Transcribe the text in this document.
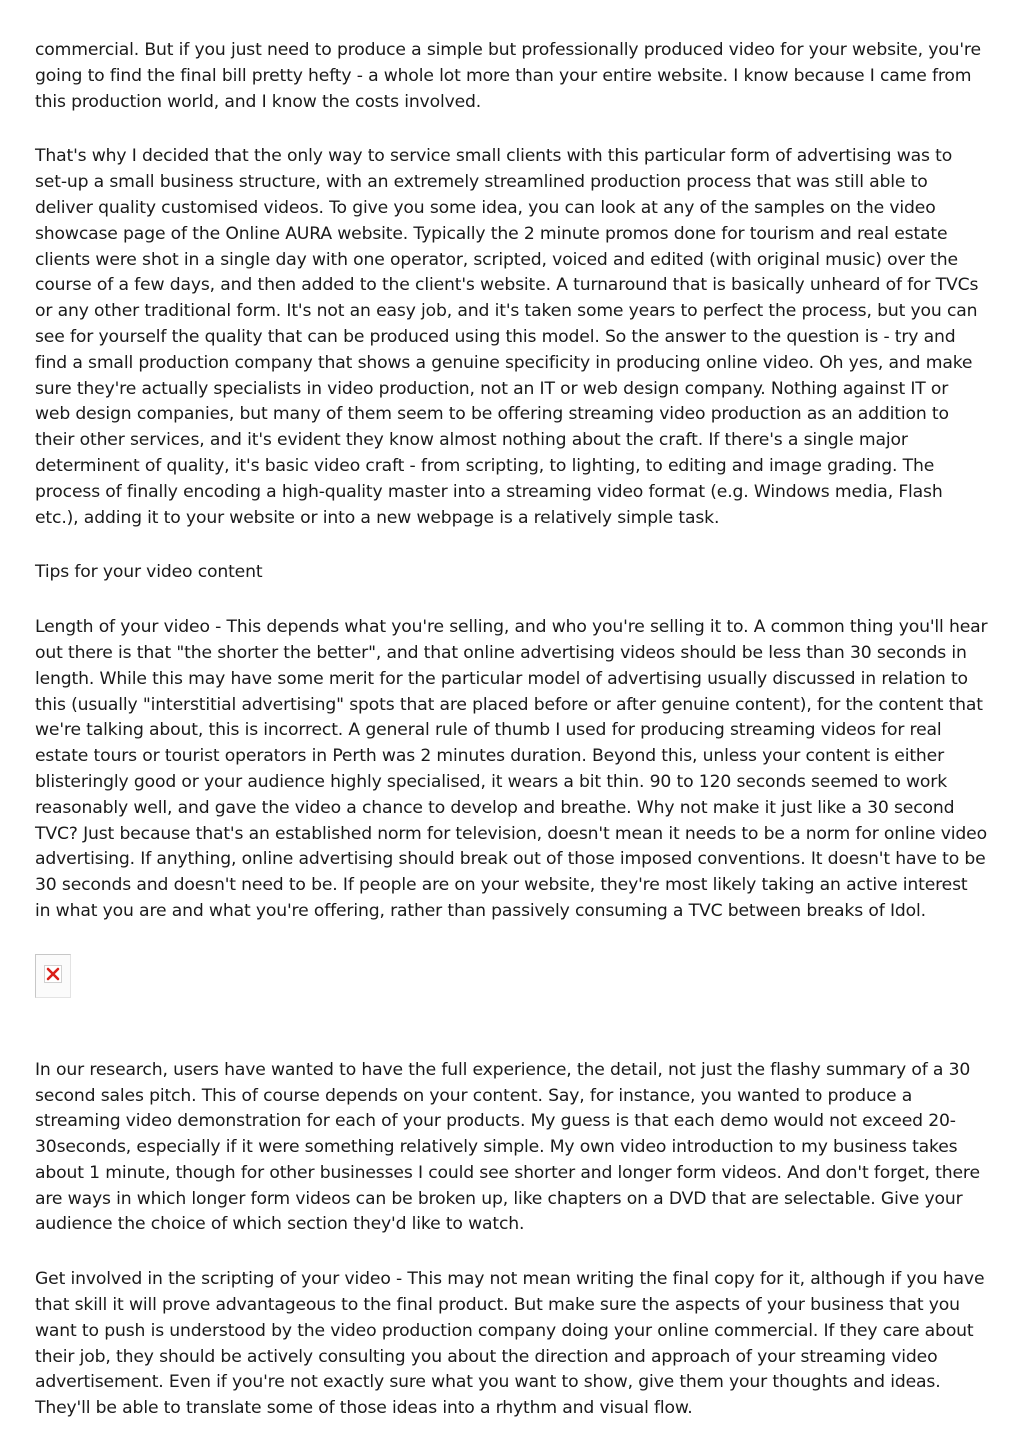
commercial. But if you just need to produce a simple but professionally produced video for your website, you're going to find the final bill pretty hefty - a whole lot more than your entire website. I know because I came from this production world, and I know the costs involved.

That's why I decided that the only way to service small clients with this particular form of advertising was to set-up a small business structure, with an extremely streamlined production process that was still able to deliver quality customised videos. To give you some idea, you can look at any of the samples on the video showcase page of the Online AURA website. Typically the 2 minute promos done for tourism and real estate clients were shot in a single day with one operator, scripted, voiced and edited (with original music) over the course of a few days, and then added to the client's website. A turnaround that is basically unheard of for TVCs or any other traditional form. It's not an easy job, and it's taken some years to perfect the process, but you can see for yourself the quality that can be produced using this model. So the answer to the question is - try and find a small production company that shows a genuine specificity in producing online video. Oh yes, and make sure they're actually specialists in video production, not an IT or web design company. Nothing against IT or web design companies, but many of them seem to be offering streaming video production as an addition to their other services, and it's evident they know almost nothing about the craft. If there's a single major determinent of quality, it's basic video craft - from scripting, to lighting, to editing and image grading. The process of finally encoding a high-quality master into a streaming video format (e.g. Windows media, Flash etc.), adding it to your website or into a new webpage is a relatively simple task.

Tips for your video content

Length of your video - This depends what you're selling, and who you're selling it to. A common thing you'll hear out there is that "the shorter the better", and that online advertising videos should be less than 30 seconds in length. While this may have some merit for the particular model of advertising usually discussed in relation to this (usually "interstitial advertising" spots that are placed before or after genuine content), for the content that we're talking about, this is incorrect. A general rule of thumb I used for producing streaming videos for real estate tours or tourist operators in Perth was 2 minutes duration. Beyond this, unless your content is either blisteringly good or your audience highly specialised, it wears a bit thin. 90 to 120 seconds seemed to work reasonably well, and gave the video a chance to develop and breathe. Why not make it just like a 30 second TVC? Just because that's an established norm for television, doesn't mean it needs to be a norm for online video advertising. If anything, online advertising should break out of those imposed conventions. It doesn't have to be 30 seconds and doesn't need to be. If people are on your website, they're most likely taking an active interest in what you are and what you're offering, rather than passively consuming a TVC between breaks of Idol.

In our research, users have wanted to have the full experience, the detail, not just the flashy summary of a 30 second sales pitch. This of course depends on your content. Say, for instance, you wanted to produce a streaming video demonstration for each of your products. My guess is that each demo would not exceed 20-30seconds, especially if it were something relatively simple. My own video introduction to my business takes about 1 minute, though for other businesses I could see shorter and longer form videos. And don't forget, there are ways in which longer form videos can be broken up, like chapters on a DVD that are selectable. Give your audience the choice of which section they'd like to watch.

Get involved in the scripting of your video - This may not mean writing the final copy for it, although if you have that skill it will prove advantageous to the final product. But make sure the aspects of your business that you want to push is understood by the video production company doing your online commercial. If they care about their job, they should be actively consulting you about the direction and approach of your streaming video advertisement. Even if you're not exactly sure what you want to show, give them your thoughts and ideas. They'll be able to translate some of those ideas into a rhythm and visual flow.
